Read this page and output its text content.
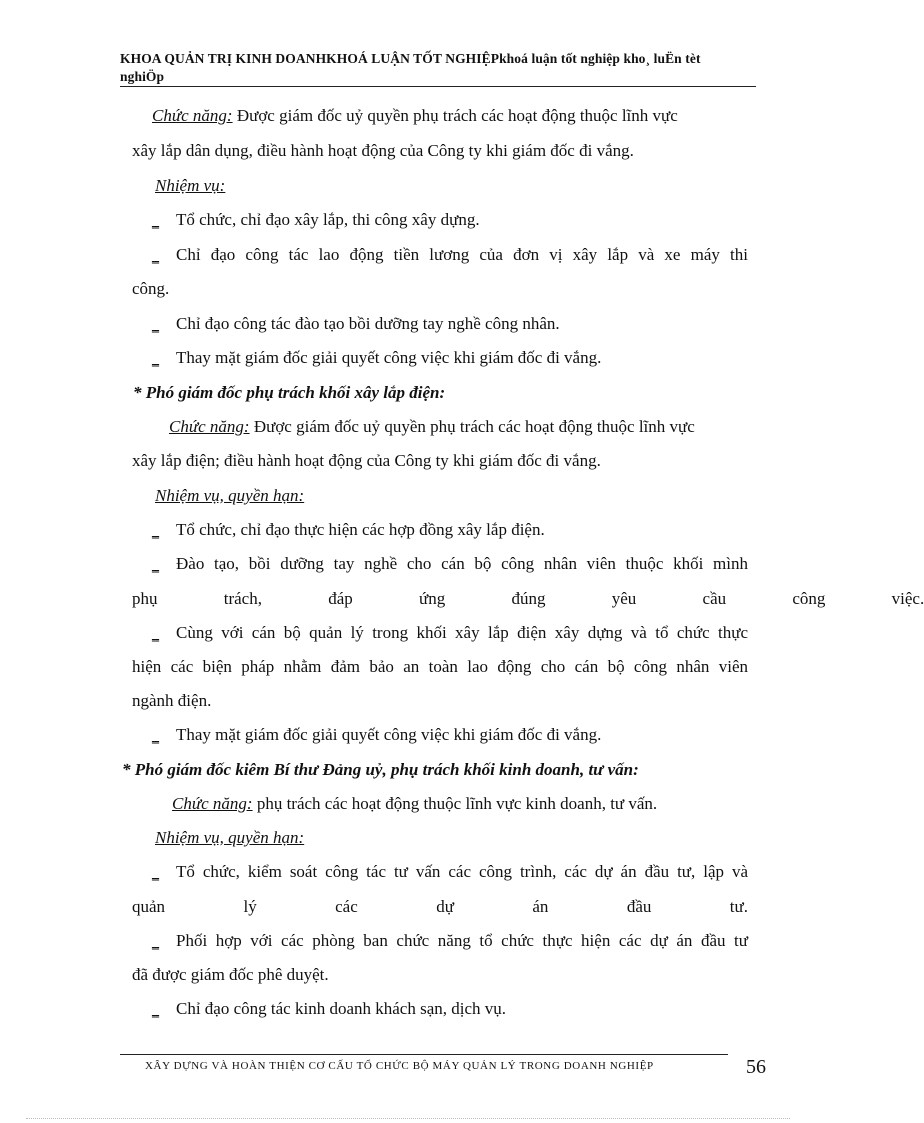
KHOA QUẢN TRỊ KINH DOANHKHOÁ LUẬN TỐT NGHIỆPkhoá luận tốt nghiệp kho¸ luËn tèt
nghiÖp
Chức năng: Được giám đốc uỷ quyền phụ trách các hoạt động thuộc lĩnh vực
xây lắp dân dụng, điều hành hoạt động của Công ty khi giám đốc đi vắng.
Nhiệm vụ:
‗ Tổ chức, chỉ đạo xây lắp, thi công xây dựng.
‗ Chỉ đạo công tác lao động tiền lương của đơn vị xây lắp và xe máy thi
công.
‗ Chỉ đạo công tác đào tạo bồi dưỡng tay nghề công nhân.
‗ Thay mặt giám đốc giải quyết công việc khi giám đốc đi vắng.
* Phó giám đốc phụ trách khối xây lắp điện:
Chức năng: Được giám đốc uỷ quyền phụ trách các hoạt động thuộc lĩnh vực
xây lắp điện; điều hành hoạt động của Công ty khi giám đốc đi vắng.
Nhiệm vụ, quyền hạn:
‗ Tổ chức, chỉ đạo thực hiện các hợp đồng xây lắp điện.
‗ Đào tạo, bồi dưỡng tay nghề cho cán bộ công nhân viên thuộc khối mình
phụ trách, đáp ứng đúng yêu cầu công việc.
‗ Cùng với cán bộ quản lý trong khối xây lắp điện xây dựng và tổ chức thực
hiện các biện pháp nhằm đảm bảo an toàn lao động cho cán bộ công nhân viên
ngành điện.
‗ Thay mặt giám đốc giải quyết công việc khi giám đốc đi vắng.
* Phó giám đốc kiêm Bí thư Đảng uỷ, phụ trách khối kinh doanh, tư vấn:
Chức năng: phụ trách các hoạt động thuộc lĩnh vực kinh doanh, tư vấn.
Nhiệm vụ, quyền hạn:
‗ Tổ chức, kiểm soát công tác tư vấn các công trình, các dự án đầu tư, lập và
quản lý các dự án đầu tư.
‗ Phối hợp với các phòng ban chức năng tổ chức thực hiện các dự án đầu tư
đã được giám đốc phê duyệt.
‗ Chỉ đạo công tác kinh doanh khách sạn, dịch vụ.
XÂY DỰNG VÀ HOÀN THIỆN CƠ CẤU TỔ CHỨC BỘ MÁY QUẢN LÝ TRONG DOANH NGHIỆP	56
